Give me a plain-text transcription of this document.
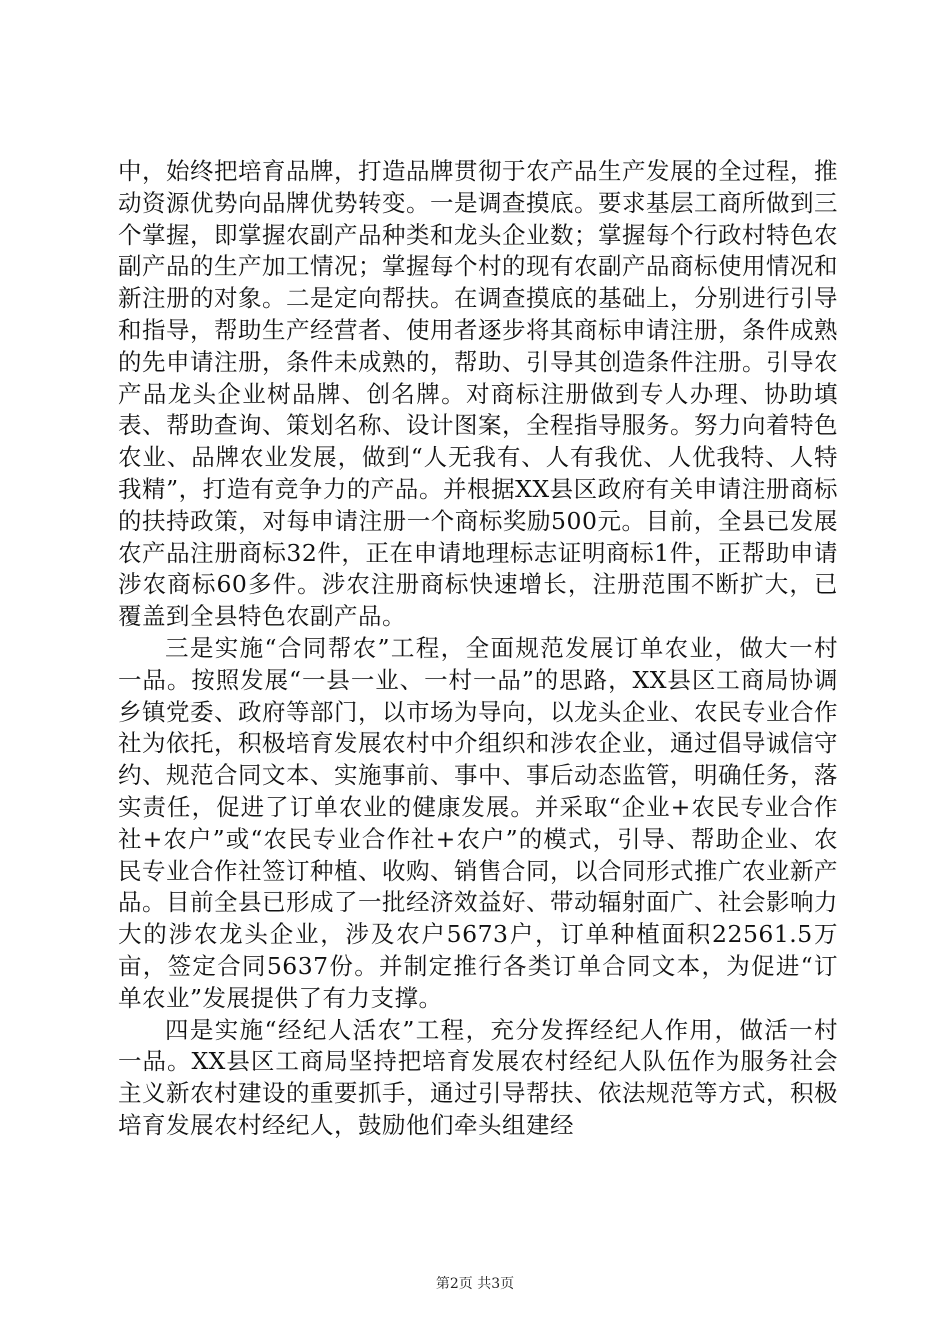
中，始终把培育品牌，打造品牌贯彻于农产品生产发展的全过程，推动资源优势向品牌优势转变。一是调查摸底。要求基层工商所做到三个掌握，即掌握农副产品种类和龙头企业数；掌握每个行政村特色农副产品的生产加工情况；掌握每个村的现有农副产品商标使用情况和新注册的对象。二是定向帮扶。在调查摸底的基础上，分别进行引导和指导，帮助生产经营者、使用者逐步将其商标申请注册，条件成熟的先申请注册，条件未成熟的，帮助、引导其创造条件注册。引导农产品龙头企业树品牌、创名牌。对商标注册做到专人办理、协助填表、帮助查询、策划名称、设计图案，全程指导服务。努力向着特色农业、品牌农业发展，做到“人无我有、人有我优、人优我特、人特我精”，打造有竞争力的产品。并根据XX县区政府有关申请注册商标的扶持政策，对每申请注册一个商标奖励500元。目前，全县已发展农产品注册商标32件，正在申请地理标志证明商标1件，正帮助申请涉农商标60多件。涉农注册商标快速增长，注册范围不断扩大，已覆盖到全县特色农副产品。

三是实施“合同帮农”工程，全面规范发展订单农业，做大一村一品。按照发展“一县一业、一村一品”的思路，XX县区工商局协调乡镇党委、政府等部门，以市场为导向，以龙头企业、农民专业合作社为依托，积极培育发展农村中介组织和涉农企业，通过倡导诚信守约、规范合同文本、实施事前、事中、事后动态监管，明确任务，落实责任，促进了订单农业的健康发展。并采取“企业+农民专业合作社+农户”或“农民专业合作社+农户”的模式，引导、帮助企业、农民专业合作社签订种植、收购、销售合同，以合同形式推广农业新产品。目前全县已形成了一批经济效益好、带动辐射面广、社会影响力大的涉农龙头企业，涉及农户5673户，订单种植面积22561.5万亩，签定合同5637份。并制定推行各类订单合同文本，为促进“订单农业”发展提供了有力支撑。

四是实施“经纪人活农”工程，充分发挥经纪人作用，做活一村一品。XX县区工商局坚持把培育发展农村经纪人队伍作为服务社会主义新农村建设的重要抓手，通过引导帮扶、依法规范等方式，积极培育发展农村经纪人，鼓励他们牵头组建经

第2页 共3页
